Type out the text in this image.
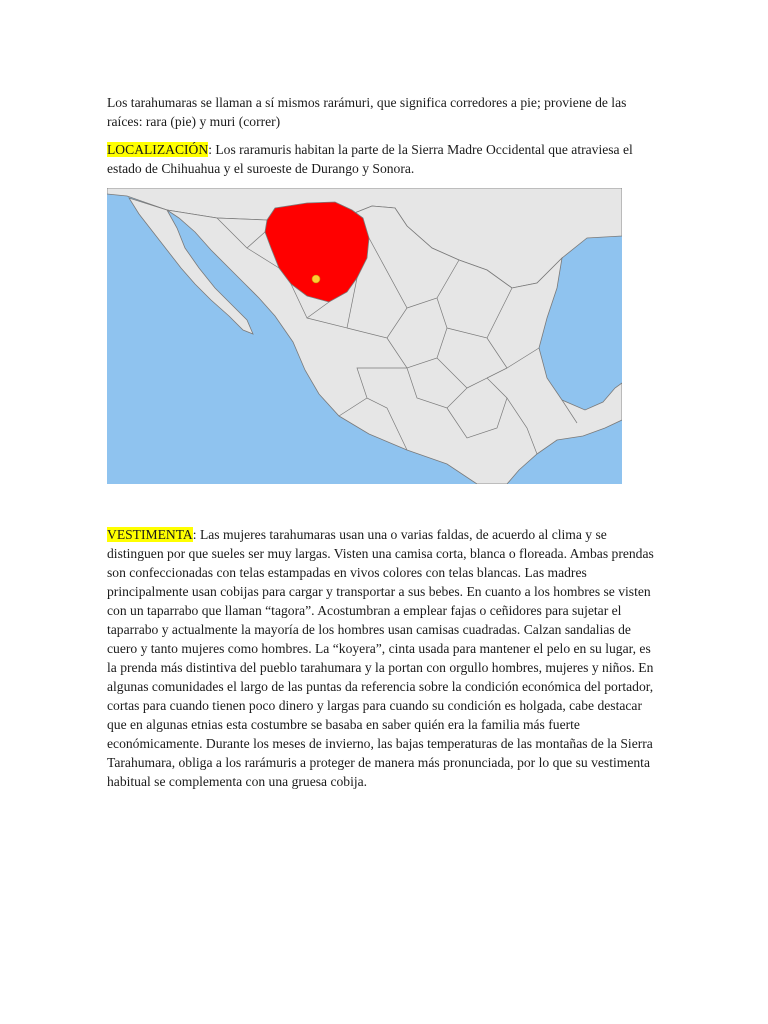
Los tarahumaras se llaman a sí mismos rarámuri, que significa corredores a pie; proviene de las raíces: rara (pie) y muri (correr)

LOCALIZACIÓN: Los raramuris habitan la parte de la Sierra Madre Occidental que atraviesa el estado de Chihuahua y el suroeste de Durango y Sonora.

VESTIMENTA: Las mujeres tarahumaras usan una o varias faldas, de acuerdo al clima y se distinguen por que sueles ser muy largas. Visten una camisa corta, blanca o floreada. Ambas prendas son confeccionadas con telas estampadas en vivos colores con telas blancas. Las madres principalmente usan cobijas para cargar y transportar a sus bebes. En cuanto a los hombres se visten con un taparrabo que llaman “tagora”. Acostumbran a emplear fajas o ceñidores para sujetar el taparrabo y actualmente la mayoría de los hombres usan camisas cuadradas. Calzan sandalias de cuero y tanto mujeres como hombres. La “koyera”, cinta usada para mantener el pelo en su lugar, es la prenda más distintiva del pueblo tarahumara y la portan con orgullo hombres, mujeres y niños. En algunas comunidades el largo de las puntas da referencia sobre la condición económica del portador, cortas para cuando tienen poco dinero y largas para cuando su condición es holgada, cabe destacar que en algunas etnias esta costumbre se basaba en saber quién era la familia más fuerte económicamente. Durante los meses de invierno, las bajas temperaturas de las montañas de la Sierra Tarahumara, obliga a los rarámuris a proteger de manera más pronunciada, por lo que su vestimenta habitual se complementa con una gruesa cobija.
